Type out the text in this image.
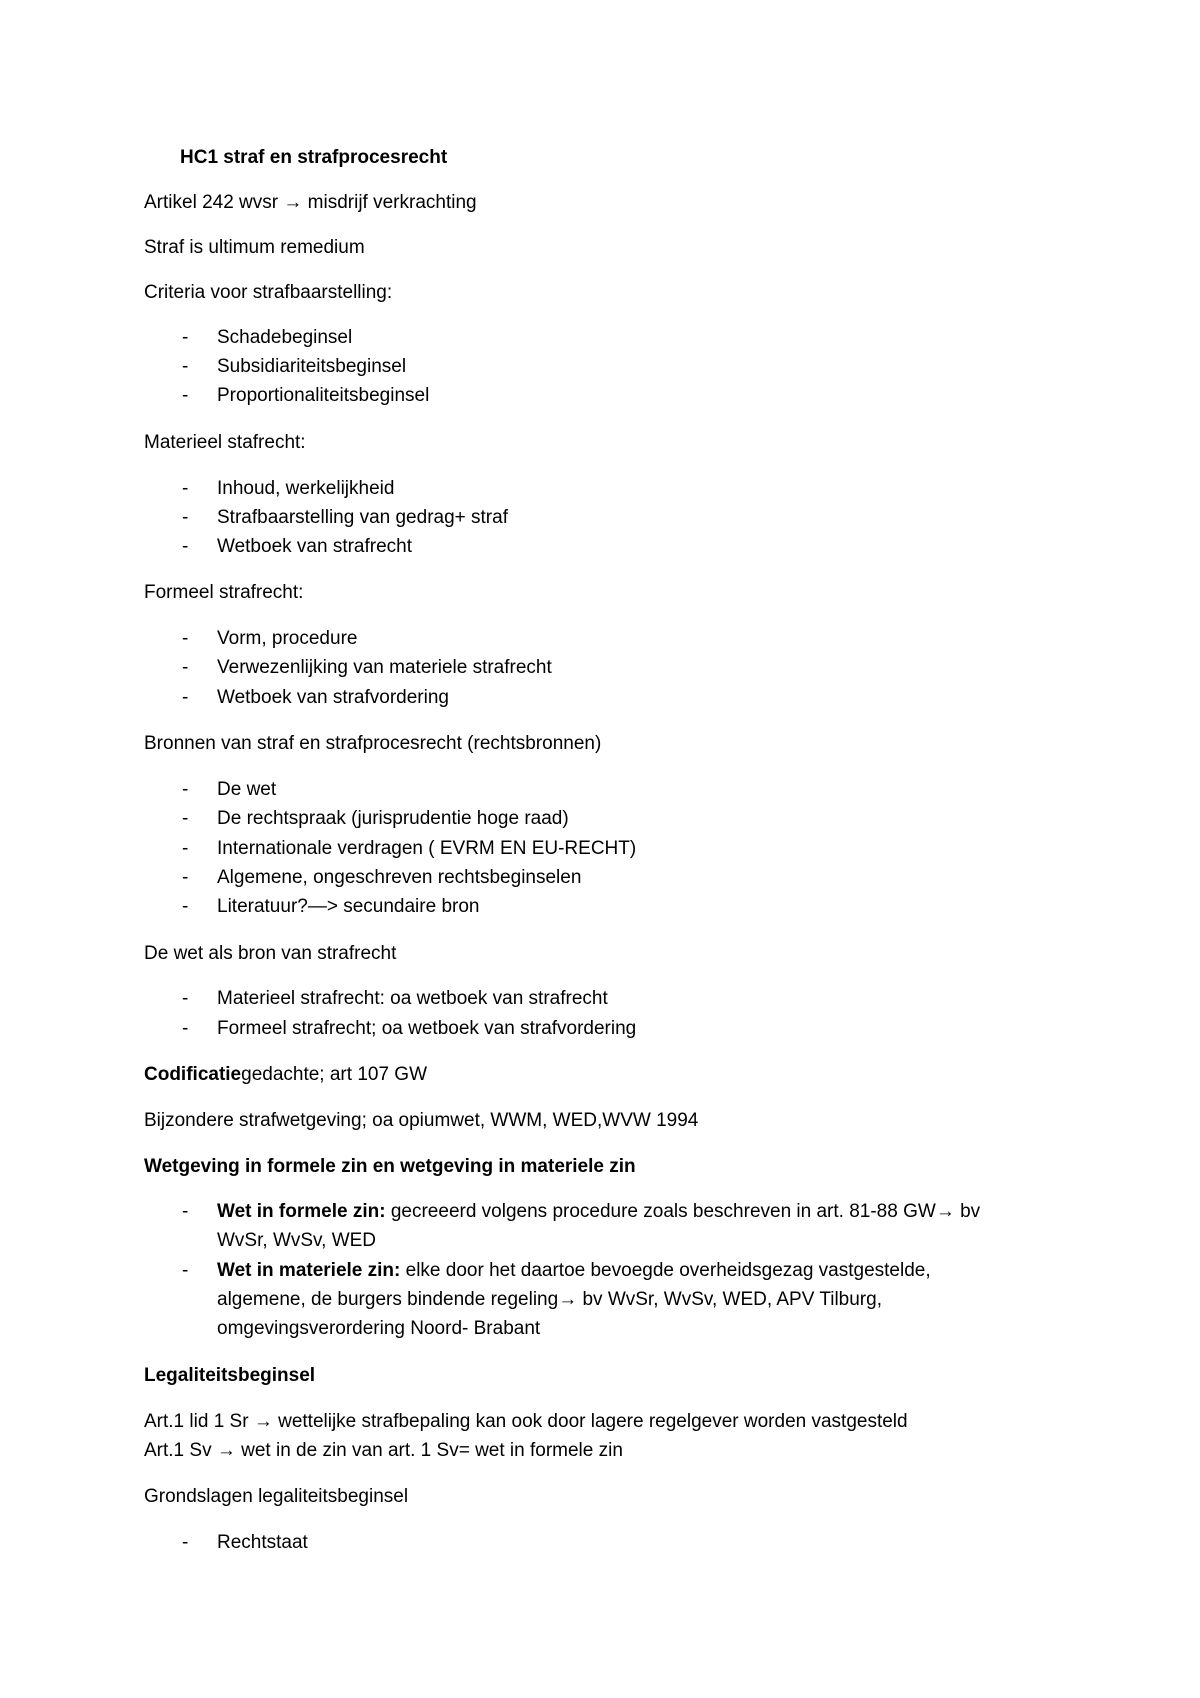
HC1 straf en strafprocesrecht
Artikel 242 wvsr → misdrijf verkrachting
Straf is ultimum remedium
Criteria voor strafbaarstelling:
- Schadebeginsel
- Subsidiariteitsbeginsel
- Proportionaliteitsbeginsel
Materieel stafrecht:
- Inhoud, werkelijkheid
- Strafbaarstelling van gedrag+ straf
- Wetboek van strafrecht
Formeel strafrecht:
- Vorm, procedure
- Verwezenlijking van materiele strafrecht
- Wetboek van strafvordering
Bronnen van straf en strafprocesrecht (rechtsbronnen)
- De wet
- De rechtspraak (jurisprudentie hoge raad)
- Internationale verdragen ( EVRM EN EU-RECHT)
- Algemene, ongeschreven rechtsbeginselen
- Literatuur?—> secundaire bron
De wet als bron van strafrecht
- Materieel strafrecht: oa wetboek van strafrecht
- Formeel strafrecht; oa wetboek van strafvordering
Codificatiegedachte; art 107 GW
Bijzondere strafwetgeving; oa opiumwet, WWM, WED,WVW 1994
Wetgeving in formele zin en wetgeving in materiele zin
- Wet in formele zin: gecreeerd volgens procedure zoals beschreven in art. 81-88 GW→ bv
WvSr, WvSv, WED
- Wet in materiele zin: elke door het daartoe bevoegde overheidsgezag vastgestelde,
algemene, de burgers bindende regeling→ bv WvSr, WvSv, WED, APV Tilburg,
omgevingsverordering Noord- Brabant
Legaliteitsbeginsel
Art.1 lid 1 Sr → wettelijke strafbepaling kan ook door lagere regelgever worden vastgesteld
Art.1 Sv → wet in de zin van art. 1 Sv= wet in formele zin
Grondslagen legaliteitsbeginsel
- Rechtstaat
